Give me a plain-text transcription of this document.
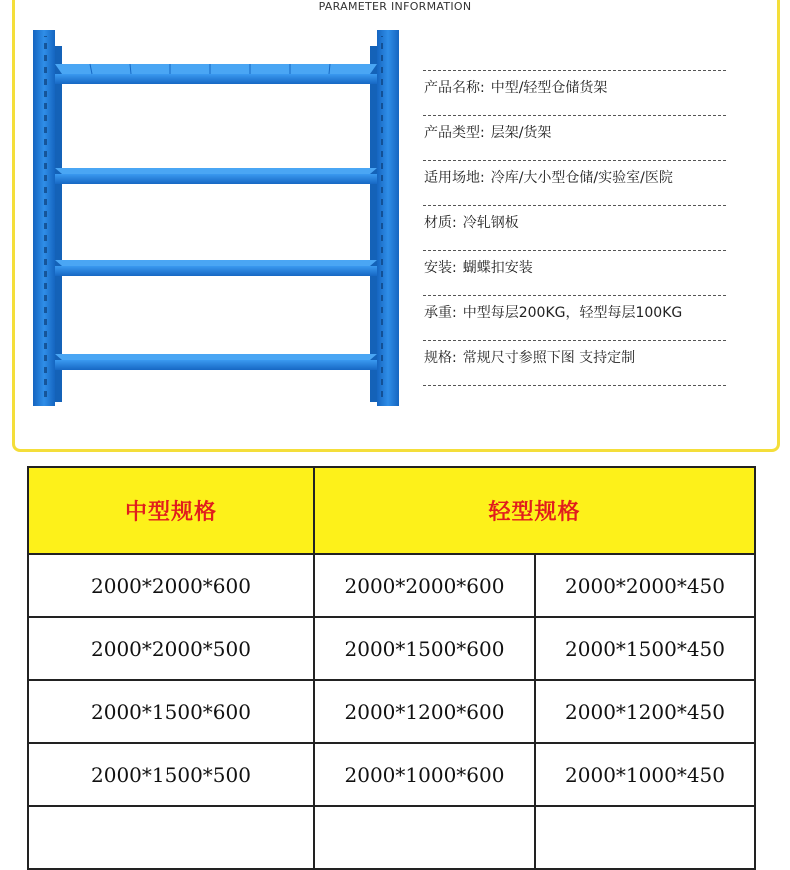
PARAMETER INFORMATION
产品名称: 中型/轻型仓储货架
产品类型: 层架/货架
适用场地: 冷库/大小型仓储/实验室/医院
材质: 冷轧钢板
安装: 蝴蝶扣安装
承重: 中型每层200KG，轻型每层100KG
规格: 常规尺寸参照下图 支持定制
中型规格	轻型规格	
2000*2000*600	2000*2000*600	2000*2000*450
2000*2000*500	2000*1500*600	2000*1500*450
2000*1500*600	2000*1200*600	2000*1200*450
2000*1500*500	2000*1000*600	2000*1000*450
